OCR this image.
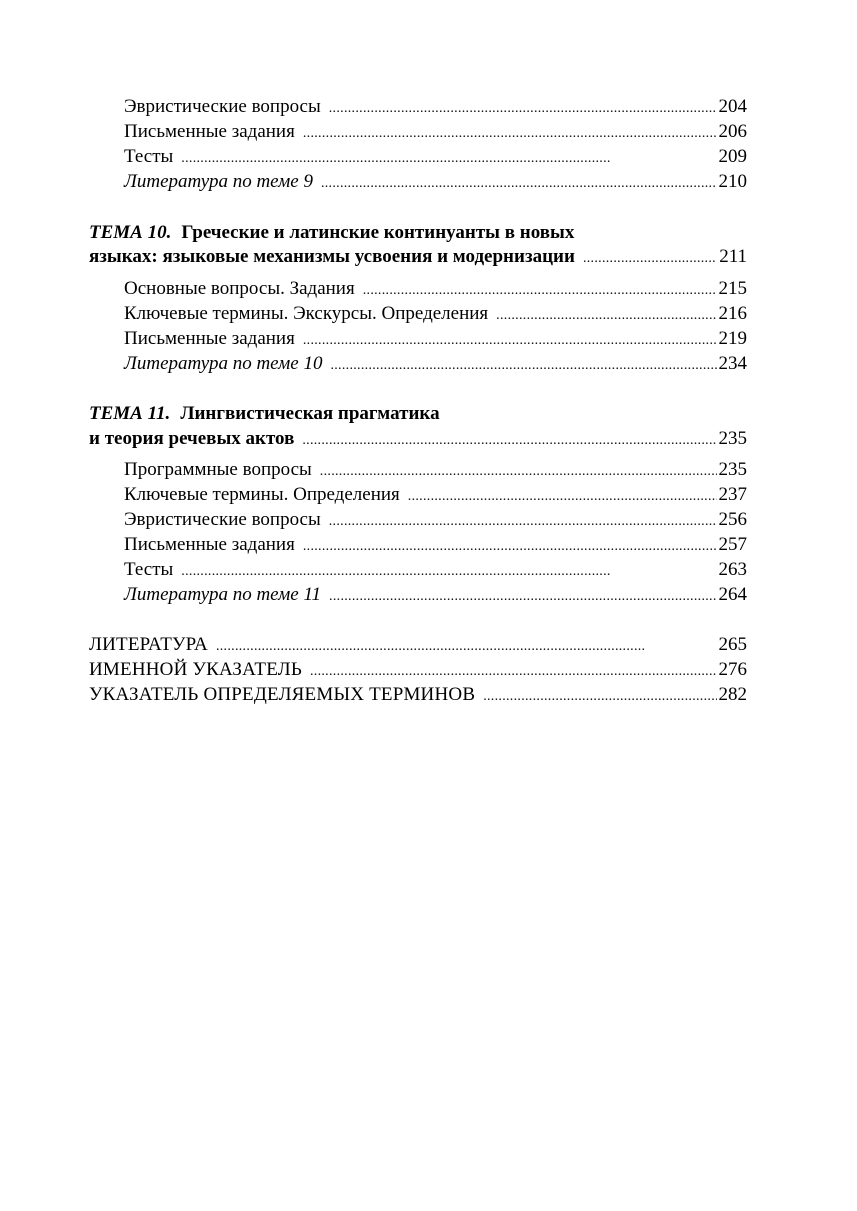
Эвристические вопросы . . .	204
Письменные задания . . .	206
Тесты . . .	209
Литература по теме 9 . . .	210
ТЕМА 10. Греческие и латинские континуанты в новых
языках: языковые механизмы усвоения и модернизации . . .	211
Основные вопросы. Задания . . .	215
Ключевые термины. Экскурсы. Определения . . .	216
Письменные задания . . .	219
Литература по теме 10 . . .	234
ТЕМА 11. Лингвистическая прагматика
и теория речевых актов . . .	235
Программные вопросы . . .	235
Ключевые термины. Определения . . .	237
Эвристические вопросы . . .	256
Письменные задания . . .	257
Тесты . . .	263
Литература по теме 11 . . .	264
ЛИТЕРАТУРА . . .	265
ИМЕННОЙ УКАЗАТЕЛЬ . . .	276
УКАЗАТЕЛЬ ОПРЕДЕЛЯЕМЫХ ТЕРМИНОВ . . .	282
